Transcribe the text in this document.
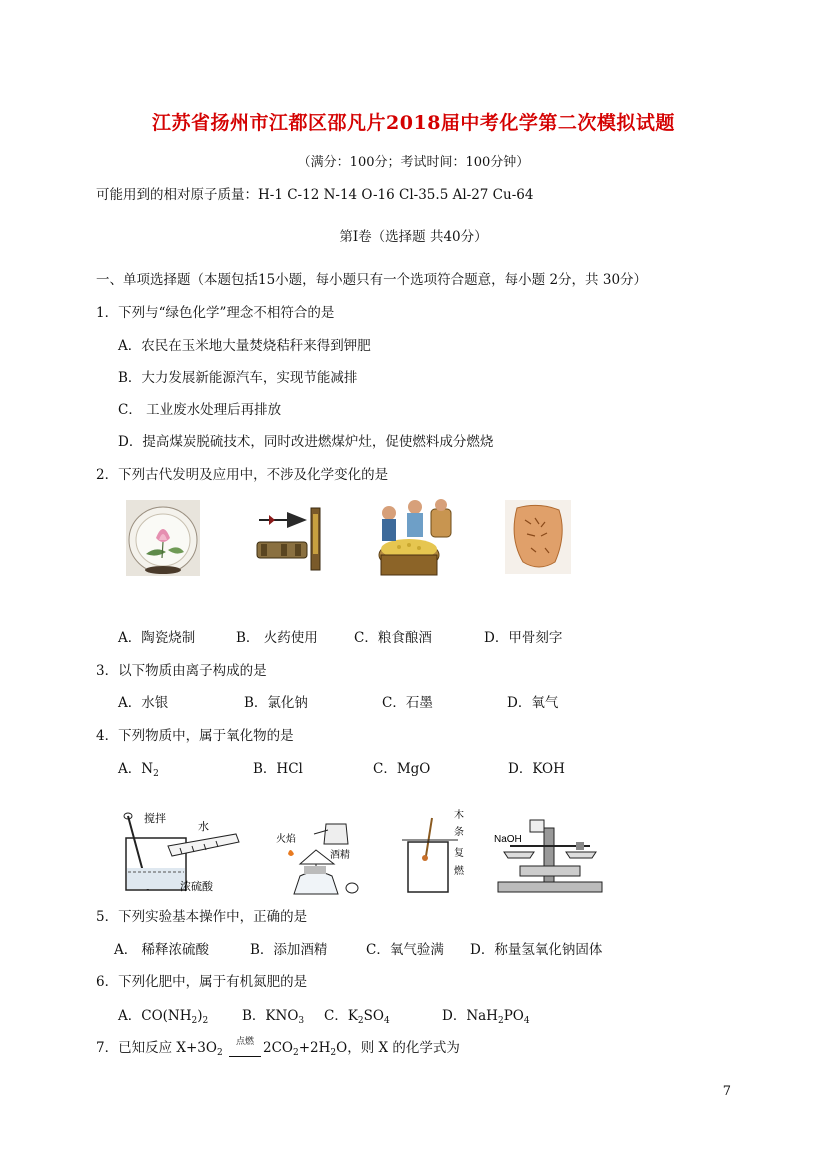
江苏省扬州市江都区邵凡片2018届中考化学第二次模拟试题
（满分：100分；考试时间：100分钟）
可能用到的相对原子质量：H-1 C-12 N-14 O-16 Cl-35.5 Al-27 Cu-64
第Ⅰ卷（选择题 共40分）
一、单项选择题（本题包括15小题，每小题只有一个选项符合题意，每小题 2分，共 30分）
1．下列与“绿色化学”理念不相符合的是
A．农民在玉米地大量焚烧秸秆来得到钾肥
B．大力发展新能源汽车，实现节能减排
C． 工业废水处理后再排放
D．提高煤炭脱硫技术，同时改进燃煤炉灶，促使燃料成分燃烧
2．下列古代发明及应用中，不涉及化学变化的是
A．陶瓷烧制	B． 火药使用	C．粮食酿酒	D．甲骨刻字
3．以下物质由离子构成的是
A．水银	B．氯化钠	C．石墨	D．氧气
4．下列物质中，属于氧化物的是
A．$N_2$	B．HCl	C．MgO	D．KOH
搅拌
水
浓硫酸
火焰
酒精
木
条
复
燃
NaOH
5．下列实验基本操作中，正确的是
A． 稀释浓硫酸	B．添加酒精	C．氧气验满 D．称量氢氧化钠固体
6．下列化肥中，属于有机氮肥的是
A．$CO(NH_2)_2$	B．$KNO_3$ C．$K_2SO_4$	D．$NaH_2PO_4$
7．已知反应 $X+3O_2$
点燃 $2CO_2+2H_2O$，则 X 的化学式为
7
